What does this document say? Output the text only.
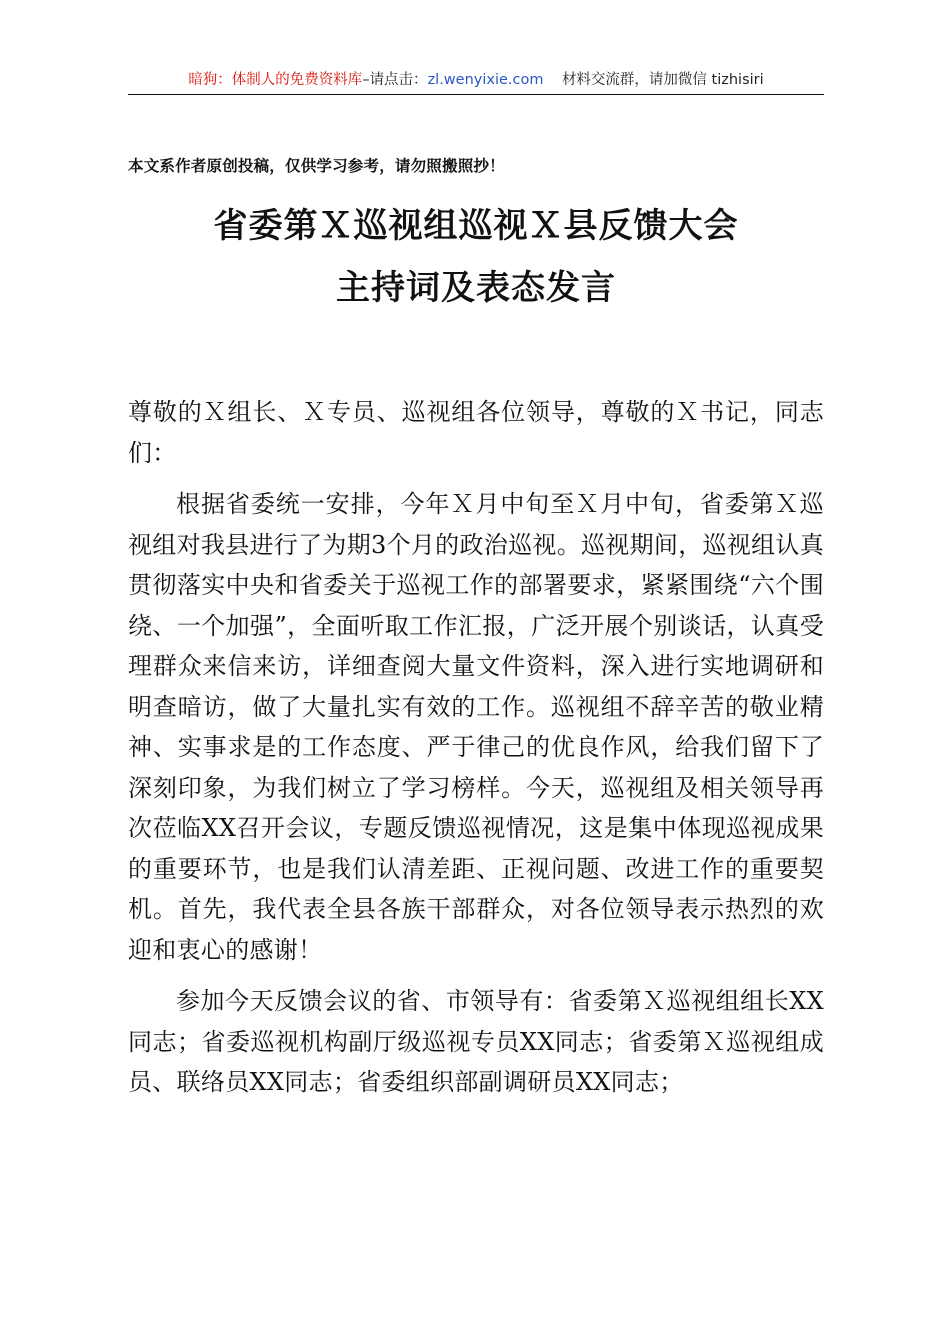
暗狗：体制人的免费资料库–请点击：zl.wenyixie.com 材料交流群，请加微信 tizhisiri
本文系作者原创投稿，仅供学习参考，请勿照搬照抄！
省委第Ｘ巡视组巡视Ｘ县反馈大会
主持词及表态发言

尊敬的Ｘ组长、Ｘ专员、巡视组各位领导，尊敬的Ｘ书记，同志们：

根据省委统一安排，今年Ｘ月中旬至Ｘ月中旬，省委第Ｘ巡视组对我县进行了为期3个月的政治巡视。巡视期间，巡视组认真贯彻落实中央和省委关于巡视工作的部署要求，紧紧围绕“六个围绕、一个加强”，全面听取工作汇报，广泛开展个别谈话，认真受理群众来信来访，详细查阅大量文件资料，深入进行实地调研和明查暗访，做了大量扎实有效的工作。巡视组不辞辛苦的敬业精神、实事求是的工作态度、严于律己的优良作风，给我们留下了深刻印象，为我们树立了学习榜样。今天，巡视组及相关领导再次莅临XX召开会议，专题反馈巡视情况，这是集中体现巡视成果的重要环节，也是我们认清差距、正视问题、改进工作的重要契机。首先，我代表全县各族干部群众，对各位领导表示热烈的欢迎和衷心的感谢！

参加今天反馈会议的省、市领导有：省委第Ｘ巡视组组长XX同志；省委巡视机构副厅级巡视专员XX同志；省委第Ｘ巡视组成员、联络员XX同志；省委组织部副调研员XX同志；
